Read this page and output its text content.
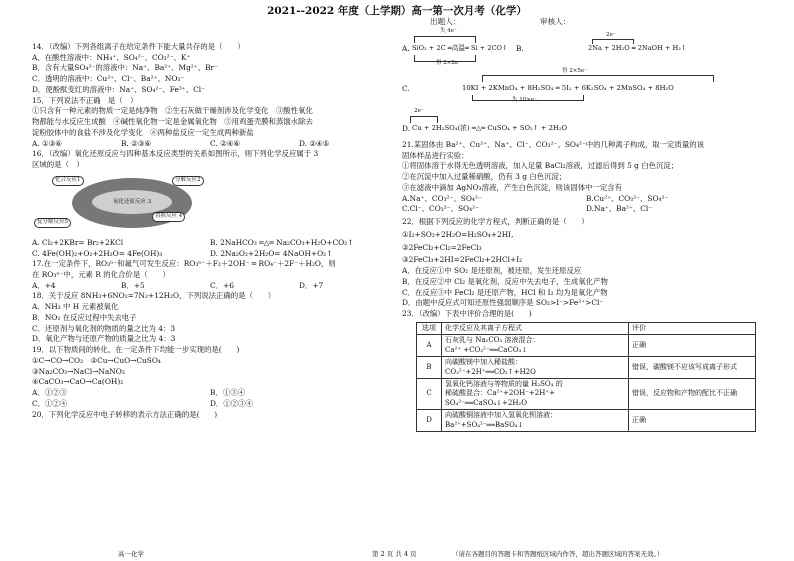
2021--2022 年度（上学期）高一第一次月考（化学）
出题人：	审核人：
14．（改编）下列各组离子在给定条件下能大量共存的是（　　）
A．在酸性溶液中：NH₄⁺、SO₄²⁻、CO₃²⁻、K⁺
B．含有大量SO₄²⁻的溶液中：Na⁺、Ba²⁺、Mg²⁺、Br⁻
C．透明的溶液中：Cu²⁺、Cl⁻、Ba²⁺、NO₃⁻
D．使酚酞变红的溶液中：Na⁺、SO₄²⁻、Fe³⁺、Cl⁻
15．下列说法不正确　是（　）
①只含有一种元素的物质一定是纯净物　②生石灰做干燥剂涉及化学变化　③酸性氧化
物都能与水反应生成酸　④碱性氧化物一定是金属氧化物　⑤用鸡蛋壳膜和蒸馏水除去
淀粉胶体中的食盐不涉及化学变化　⑥两种盐反应一定生成两种新盐
A. ①③⑥	B. ②③⑥	C. ②④⑥	D. ②④⑤
16．（改编）氧化还原反应与四种基本反应类型的关系如图所示，则下列化学反应属于 3
区域的是（　）
氧化还原反应 3
化合反应1	分解反应2
置换反应 4
复分解反应5
A. Cl₂+2KBr= Br₂+2KCl	B. 2NaHCO₃ ═△═ Na₂CO₃+H₂O+CO₂↑
C. 4Fe(OH)₂+O₂+2H₂O= 4Fe(OH)₃	D. 2Na₂O₂+2H₂O= 4NaOH+O₂↑
17.在一定条件下，RO₃ⁿ⁻和氟气可发生反应：RO₃ⁿ⁻＋F₂＋2OH⁻ ═ RO₄⁻＋2F⁻＋H₂O，则
在 RO₃ⁿ⁻中，元素 R 的化合价是（　　）
A．+4	B．+5	C．+6	D．+7
18．关于反应 8NH₃+6NO₂=7N₂+12H₂O，下列说法正确的是（　　）
A．NH₃ 中 H 元素被氧化
B．NO₂ 在反应过程中失去电子
C．还原剂与氧化剂的物质的量之比为 4：3
D．氧化产物与还原产物的质量之比为 4：3
19．以下物质间的转化，在一定条件下均能一步实现的是(　　)
①C→CO→CO₂　②Cu→CuO→CuSO₄
③Na₂CO₃→NaCl→NaNO₃
④CaCO₃→CaO→Ca(OH)₂
A．①②③	B．①③④
C．①②④	D．①②③④
20．下列化学反应中电子转移的表示方法正确的是(　　)
A.
失 4e⁻
SiO₂ + 2C ═高温═ Si + 2CO↑
得 2×2e⁻
B.
2e⁻
2Na + 2H₂O ═ 2NaOH + H₂↑
C.
得 2×5e⁻
10KI + 2KMnO₄ + 8H₂SO₄ ═ 5I₂ + 6K₂SO₄ + 2MnSO₄ + 8H₂O
失 10×e⁻
2e⁻
D. Cu + 2H₂SO₄(浓) ═△═ CuSO₄ + SO₂↑ + 2H₂O
21.某固体由 Ba²⁺、Cu²⁺、Na⁺、Cl⁻、CO₃²⁻、SO₄²⁻中的几种离子构成，取一定质量的该
固体样品进行实验：
①将固体溶于水得无色透明溶液，加入足量 BaCl₂溶液，过滤后得到 5 g 白色沉淀；
②在沉淀中加入过量稀硝酸，仍有 3 g 白色沉淀；
③在滤液中滴加 AgNO₃溶液，产生白色沉淀，则该固体中一定含有
A.Na⁺、CO₃²⁻、SO₄²⁻	B.Cu²⁺、CO₃²⁻、SO₄²⁻
C.Cl⁻、CO₃²⁻、SO₄²⁻	D.Na⁺、Ba²⁺、Cl⁻
22．根据下列反应的化学方程式，判断正确的是（　　）
①I₂+SO₂+2H₂O=H₂SO₄+2HI,
②2FeCl₂+Cl₂=2FeCl₃
③2FeCl₃+2HI=2FeCl₂+2HCl+I₂
A．在反应①中 SO₂ 是还原剂，被还原，发生还原反应
B．在反应②中 Cl₂ 是氧化剂，反应中失去电子，生成氧化产物
C．在反应③中 FeCl₂ 是还原产物，HCl 和 I₂ 均为是氧化产物
D．由题中反应式可知还原性强弱顺序是 SO₂>I⁻>Fe²⁺>Cl⁻
23．（改编）下表中评价合理的是(　　)
选项	化学反应及其离子方程式	评价
A	石灰乳与 Na₂CO₃ 溶液混合：
Ca²⁺ +CO₃²⁻══CaCO₃↓	正确
B	向碳酸镁中加入稀盐酸：
CO₃²⁻+2H⁺══CO₂↑+H2O	错误，碳酸镁不应该写成离子形式
C	氢氧化钙溶液与等物质的量 H₂SO₄ 的
稀硫酸混合：Ca²⁺+2OH⁻+2H⁺+
SO₄²⁻══CaSO₄↓+2H₂O	错误，反应物和产物的配比不正确
D	向硫酸铜溶液中加入氢氧化钡溶液：
Ba²⁺+SO₄²⁻══BaSO₄↓	正确
高一化学	第 2 页 共 4 页	（请在各题目的答题卡和答题纸区域内作答，超出答题区域的答案无效。）
